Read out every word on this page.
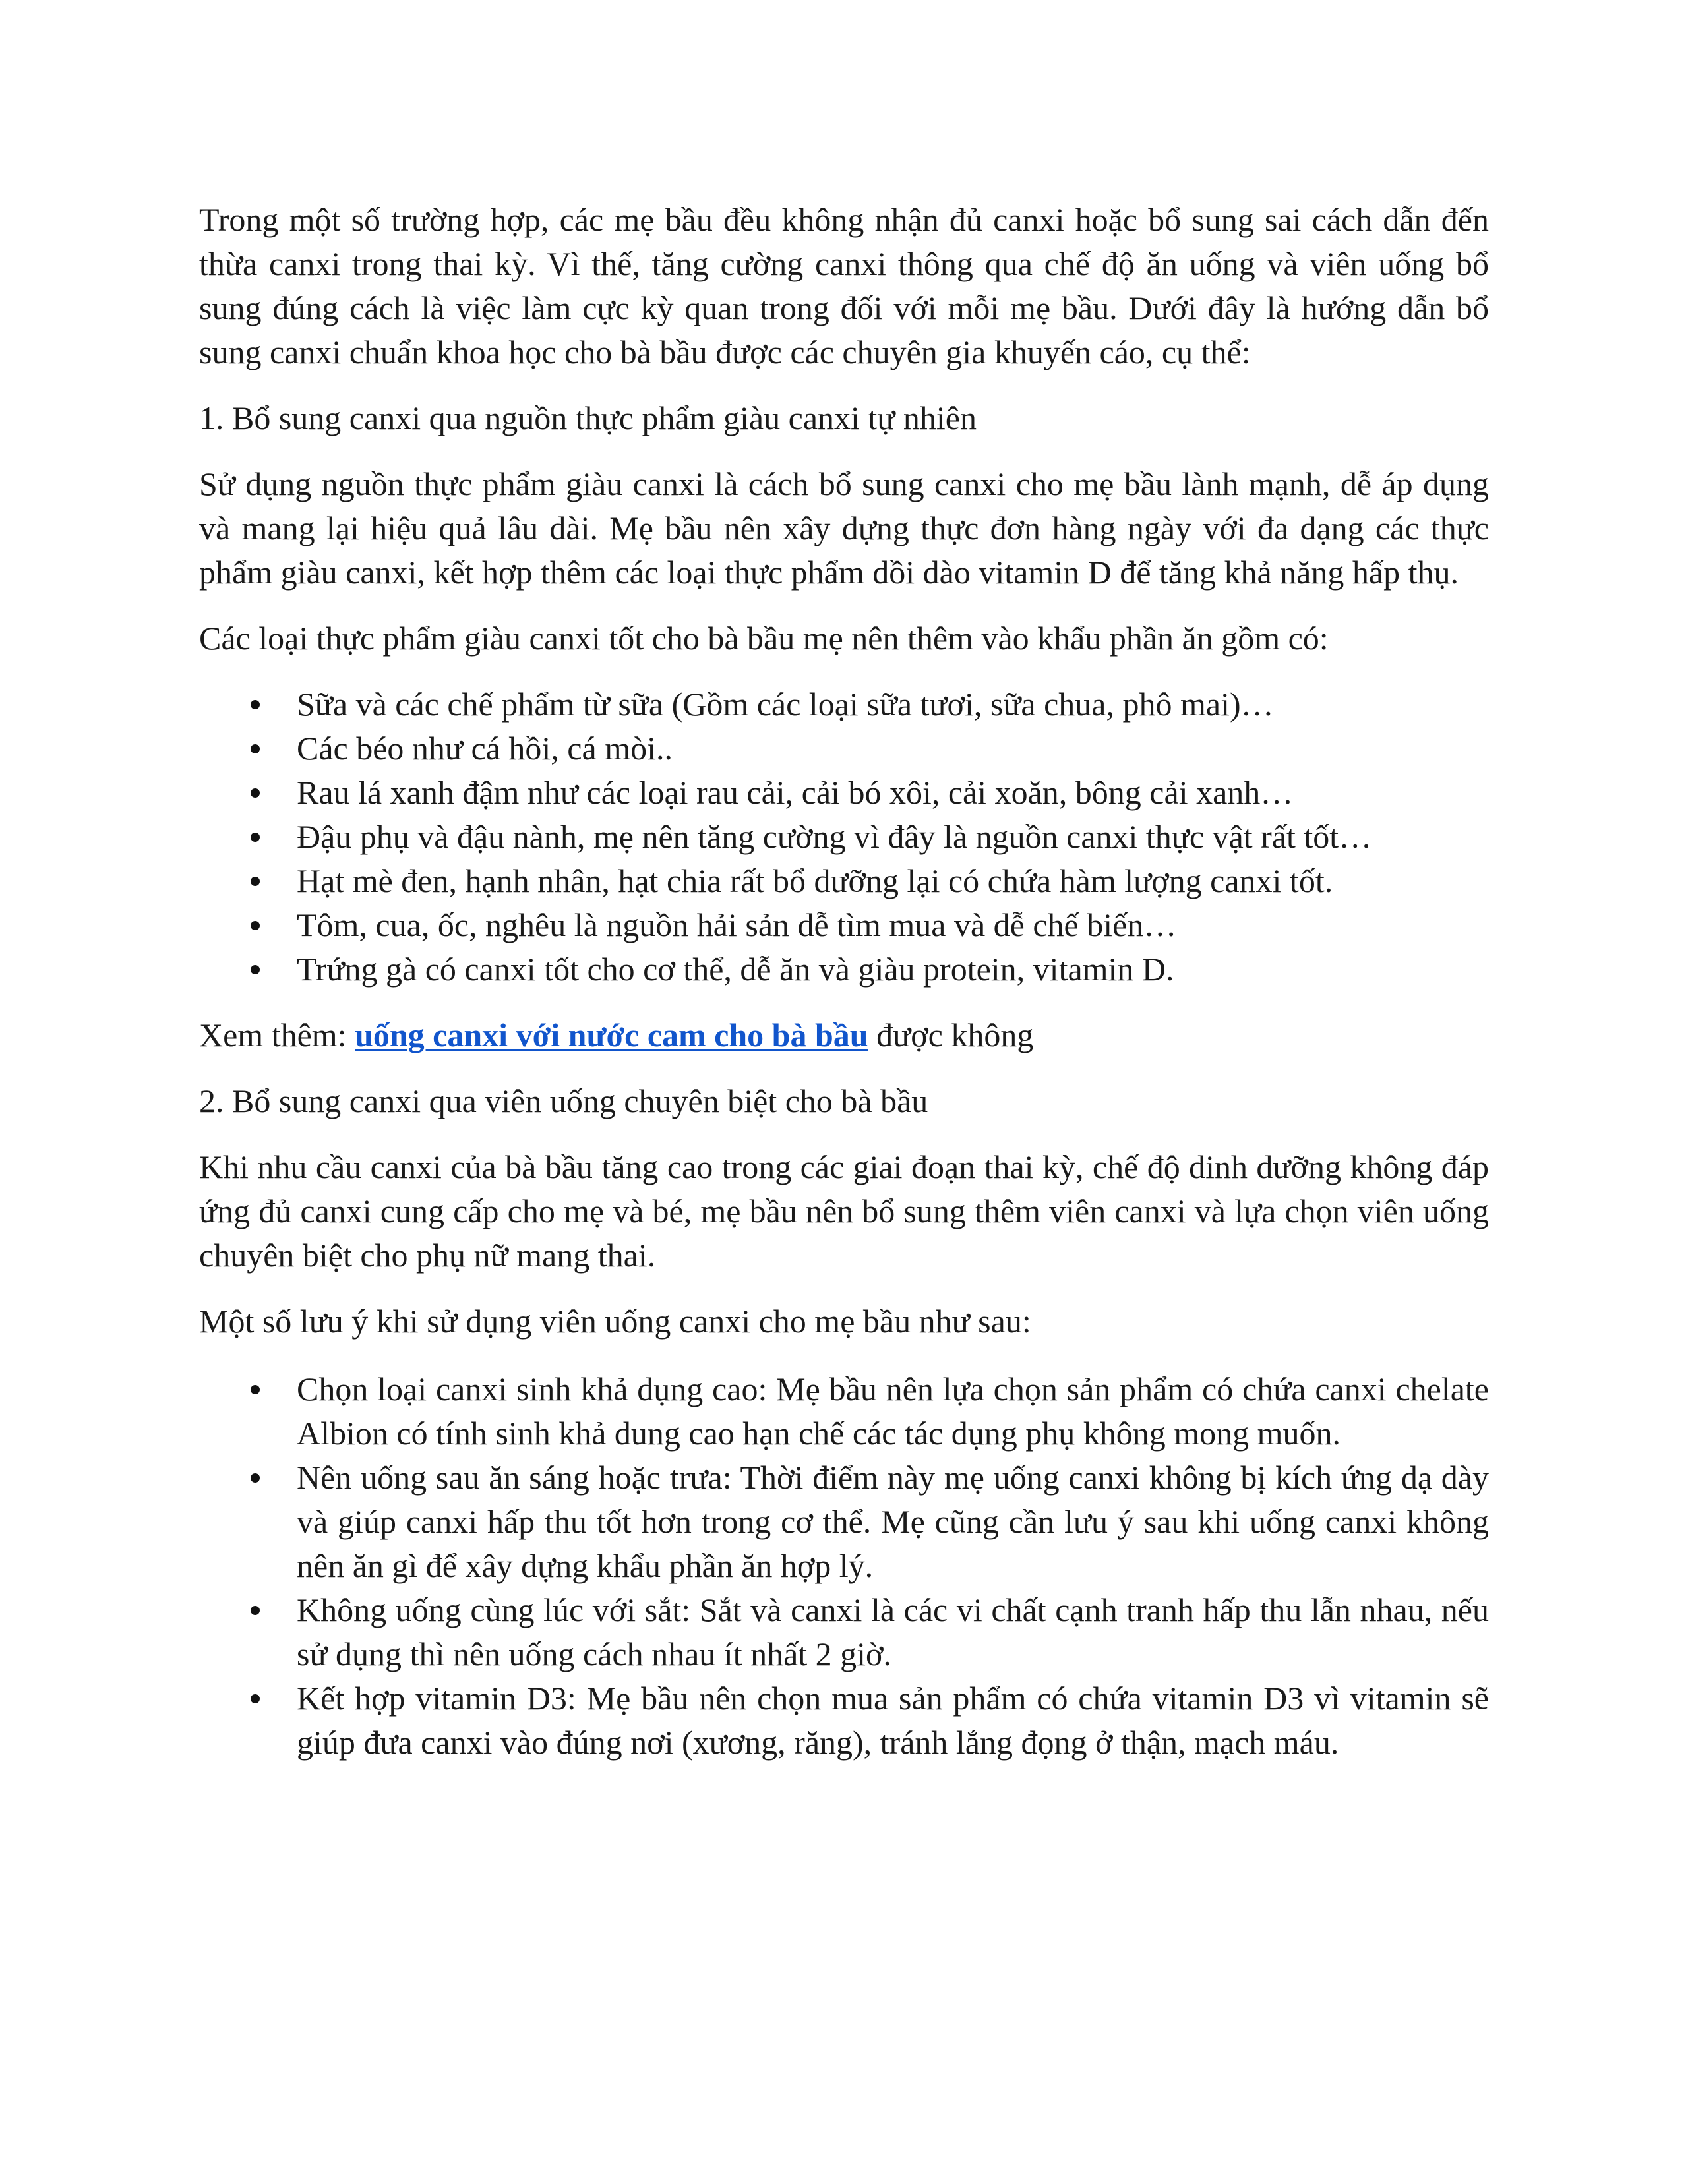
Trong một số trường hợp, các mẹ bầu đều không nhận đủ canxi hoặc bổ sung sai cách dẫn đến thừa canxi trong thai kỳ. Vì thế, tăng cường canxi thông qua chế độ ăn uống và viên uống bổ sung đúng cách là việc làm cực kỳ quan trong đối với mỗi mẹ bầu. Dưới đây là hướng dẫn bổ sung canxi chuẩn khoa học cho bà bầu được các chuyên gia khuyến cáo, cụ thể:

1. Bổ sung canxi qua nguồn thực phẩm giàu canxi tự nhiên

Sử dụng nguồn thực phẩm giàu canxi là cách bổ sung canxi cho mẹ bầu lành mạnh, dễ áp dụng và mang lại hiệu quả lâu dài. Mẹ bầu nên xây dựng thực đơn hàng ngày với đa dạng các thực phẩm giàu canxi, kết hợp thêm các loại thực phẩm dồi dào vitamin D để tăng khả năng hấp thụ.

Các loại thực phẩm giàu canxi tốt cho bà bầu mẹ nên thêm vào khẩu phần ăn gồm có:

Sữa và các chế phẩm từ sữa (Gồm các loại sữa tươi, sữa chua, phô mai)…
Các béo như cá hồi, cá mòi..
Rau lá xanh đậm như các loại rau cải, cải bó xôi, cải xoăn, bông cải xanh…
Đậu phụ và đậu nành, mẹ nên tăng cường vì đây là nguồn canxi thực vật rất tốt…
Hạt mè đen, hạnh nhân, hạt chia rất bổ dưỡng lại có chứa hàm lượng canxi tốt.
Tôm, cua, ốc, nghêu là nguồn hải sản dễ tìm mua và dễ chế biến…
Trứng gà có canxi tốt cho cơ thể, dễ ăn và giàu protein, vitamin D.

Xem thêm: uống canxi với nước cam cho bà bầu được không

2. Bổ sung canxi qua viên uống chuyên biệt cho bà bầu

Khi nhu cầu canxi của bà bầu tăng cao trong các giai đoạn thai kỳ, chế độ dinh dưỡng không đáp ứng đủ canxi cung cấp cho mẹ và bé, mẹ bầu nên bổ sung thêm viên canxi và lựa chọn viên uống chuyên biệt cho phụ nữ mang thai.

Một số lưu ý khi sử dụng viên uống canxi cho mẹ bầu như sau:

Chọn loại canxi sinh khả dụng cao: Mẹ bầu nên lựa chọn sản phẩm có chứa canxi chelate Albion có tính sinh khả dung cao hạn chế các tác dụng phụ không mong muốn.
Nên uống sau ăn sáng hoặc trưa: Thời điểm này mẹ uống canxi không bị kích ứng dạ dày và giúp canxi hấp thu tốt hơn trong cơ thể. Mẹ cũng cần lưu ý sau khi uống canxi không nên ăn gì để xây dựng khẩu phần ăn hợp lý.
Không uống cùng lúc với sắt: Sắt và canxi là các vi chất cạnh tranh hấp thu lẫn nhau, nếu sử dụng thì nên uống cách nhau ít nhất 2 giờ.
Kết hợp vitamin D3: Mẹ bầu nên chọn mua sản phẩm có chứa vitamin D3 vì vitamin sẽ giúp đưa canxi vào đúng nơi (xương, răng), tránh lắng đọng ở thận, mạch máu.
